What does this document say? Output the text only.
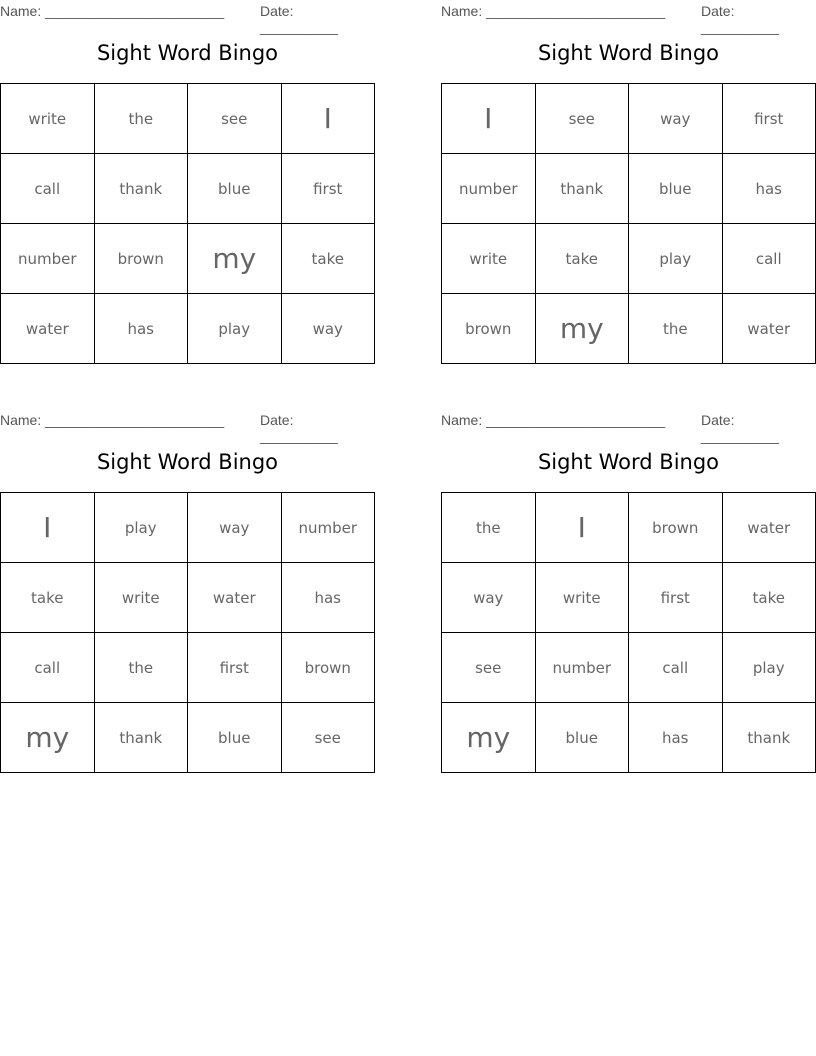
Name: _______________________	Date: __________
Sight Word Bingo
write	the	see	I
call	thank	blue	first
number	brown	my	take
water	has	play	way
Name: _______________________	Date: __________
Sight Word Bingo
I	see	way	first
number	thank	blue	has
write	take	play	call
brown	my	the	water
Name: _______________________	Date: __________
Sight Word Bingo
I	play	way	number
take	write	water	has
call	the	first	brown
my	thank	blue	see
Name: _______________________	Date: __________
Sight Word Bingo
the	I	brown	water
way	write	first	take
see	number	call	play
my	blue	has	thank
